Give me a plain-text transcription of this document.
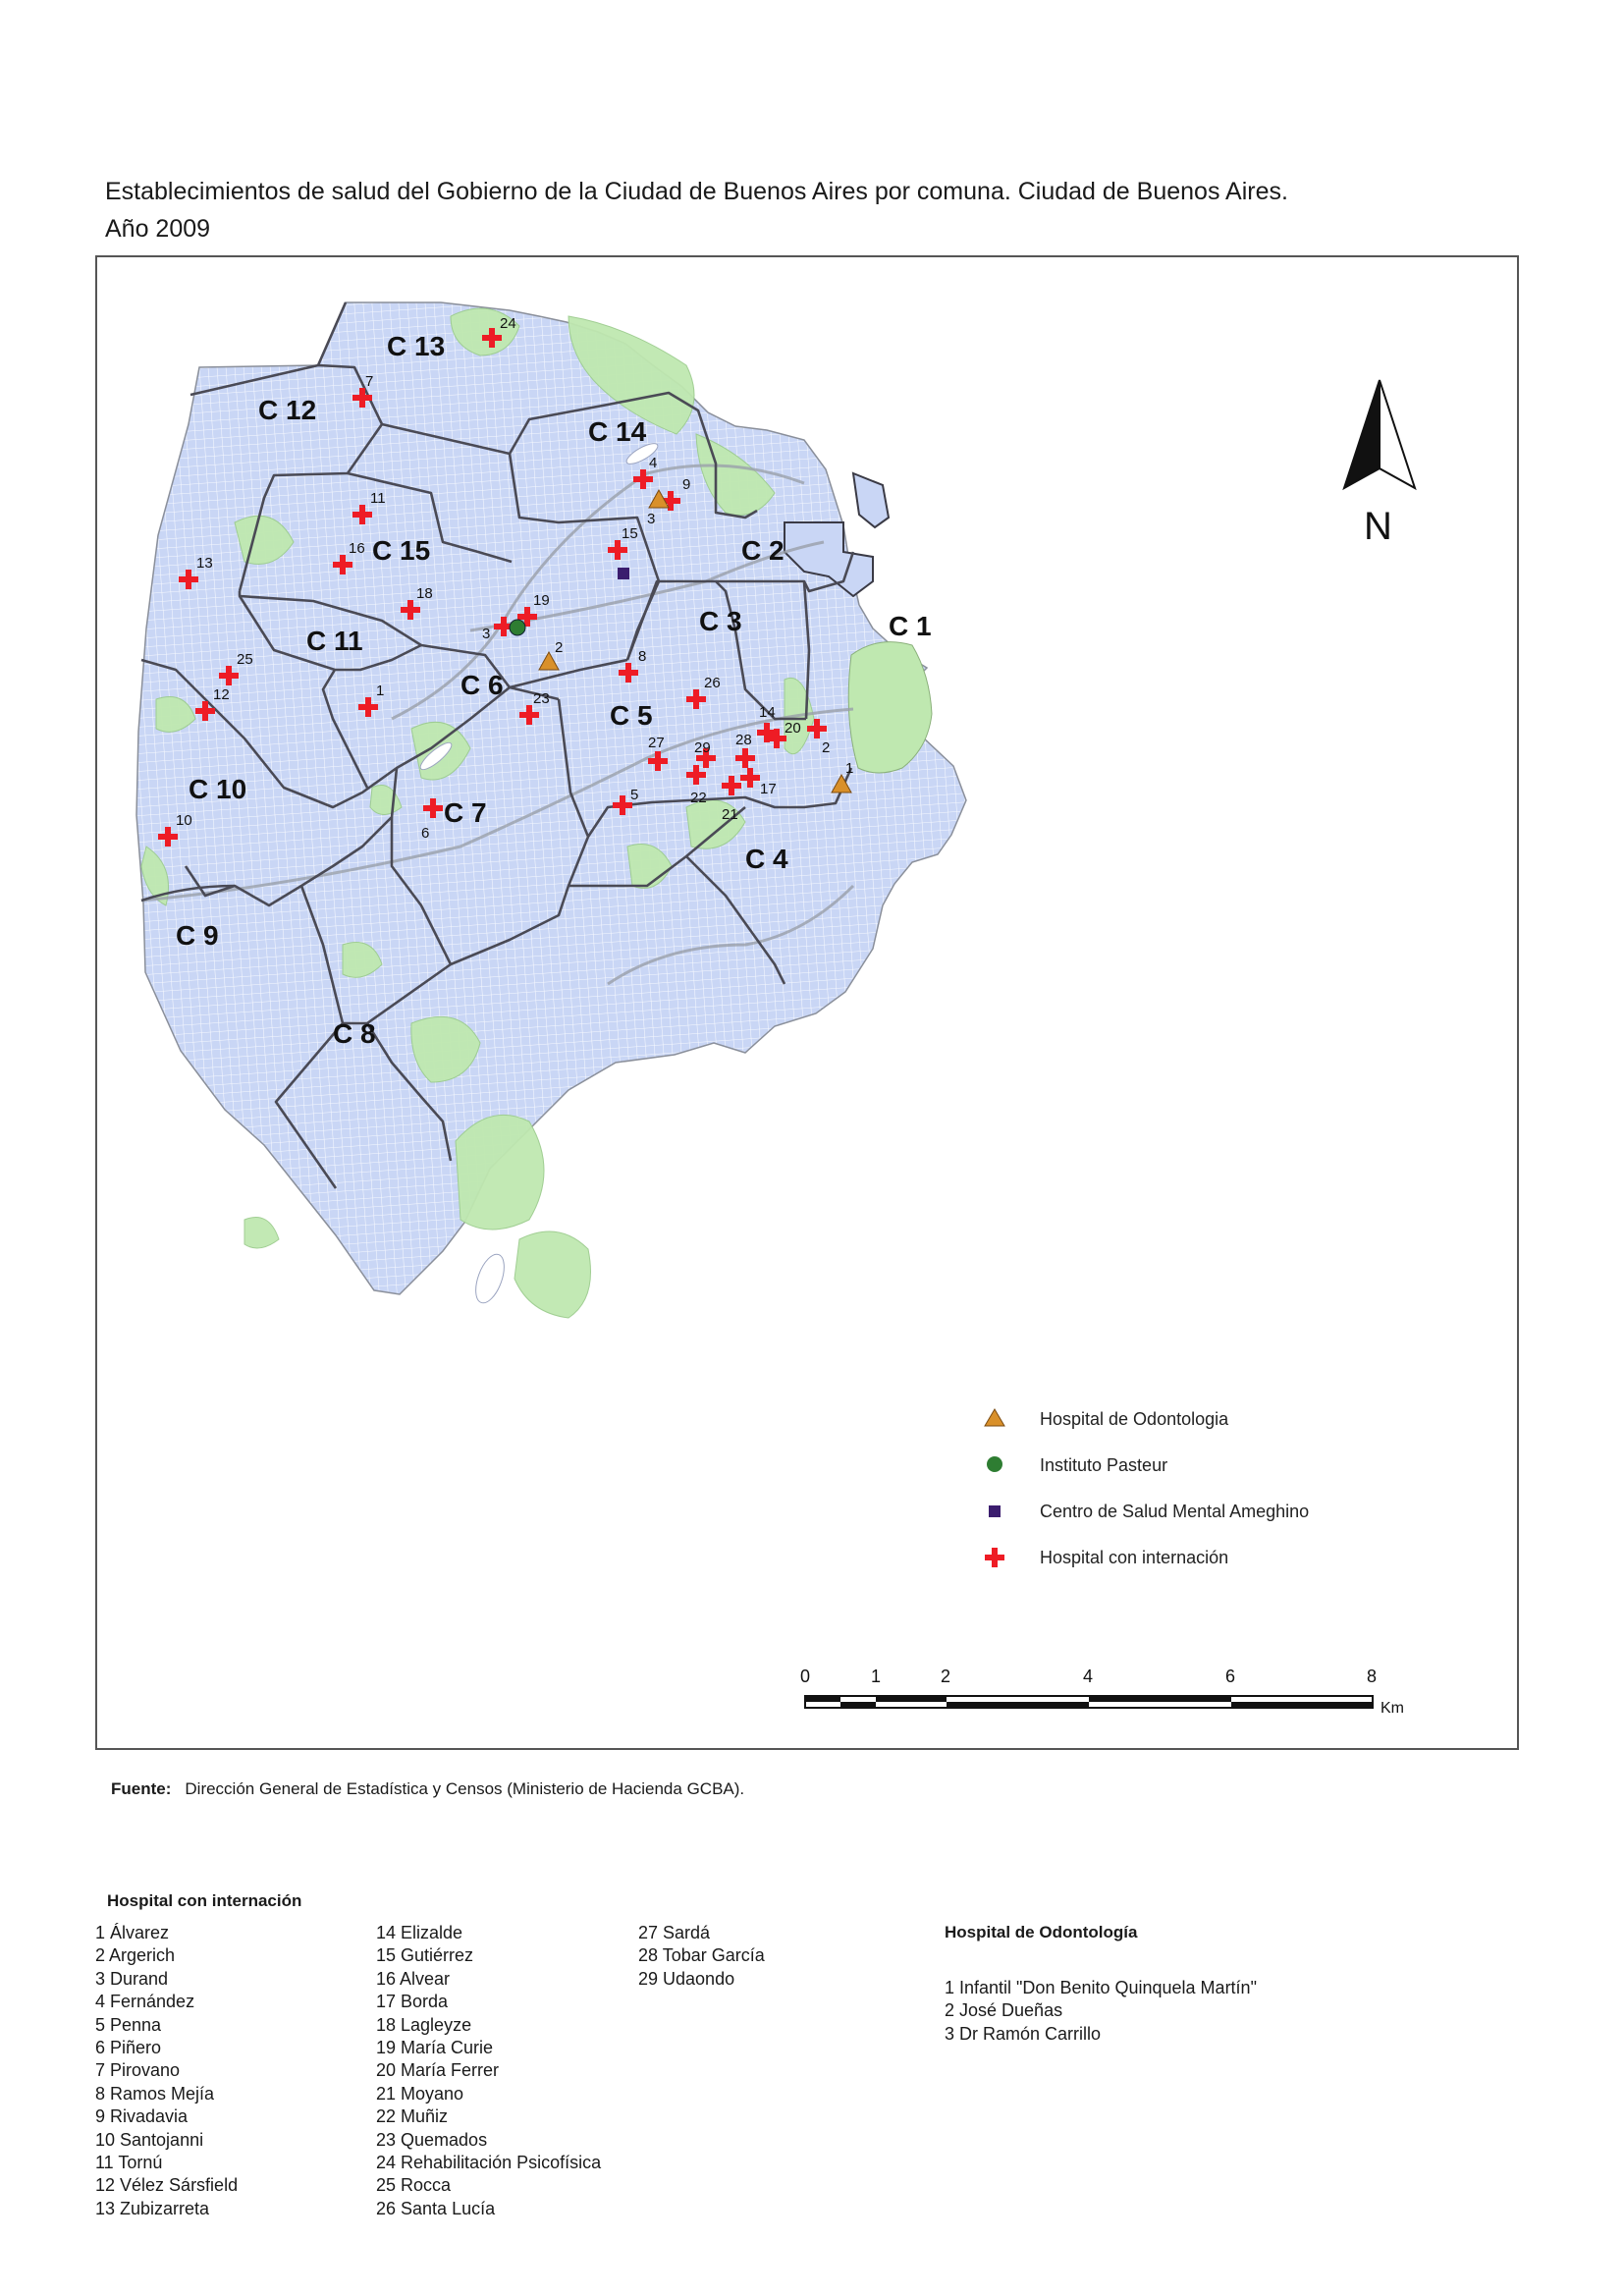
Establecimientos de salud del Gobierno de la Ciudad de Buenos Aires por comuna. Ciudad de Buenos Aires.
Año 2009
C 1
C 2
C 3
C 4
C 5
C 6
C 7
C 8
C 9
C 10
C 11
C 12
C 13
C 14
C 15
24
7
4
9
11
15
16
13
18	19
3
25
12	1	23
8
26
14
20
2
28
27 29
17
22
21
5
6
10
3
2
1
N
Hospital de Odontologia
Instituto Pasteur
Centro de Salud Mental Ameghino
Hospital con internación
0	1	2	4	6	8
Km
Fuente: Dirección General de Estadística y Censos (Ministerio de Hacienda GCBA).
Hospital con internación
1 Álvarez
2 Argerich
3 Durand
4 Fernández
5 Penna
6 Piñero
7 Pirovano
8 Ramos Mejía
9 Rivadavia
10 Santojanni
11 Tornú
12 Vélez Sársfield
13 Zubizarreta
14 Elizalde
15 Gutiérrez
16 Alvear
17 Borda
18 Lagleyze
19 María Curie
20 María Ferrer
21 Moyano
22 Muñiz
23 Quemados
24 Rehabilitación Psicofísica
25 Rocca
26 Santa Lucía
27 Sardá
28 Tobar García
29 Udaondo
Hospital de Odontología
1 Infantil "Don Benito Quinquela Martín"
2 José Dueñas
3 Dr Ramón Carrillo
